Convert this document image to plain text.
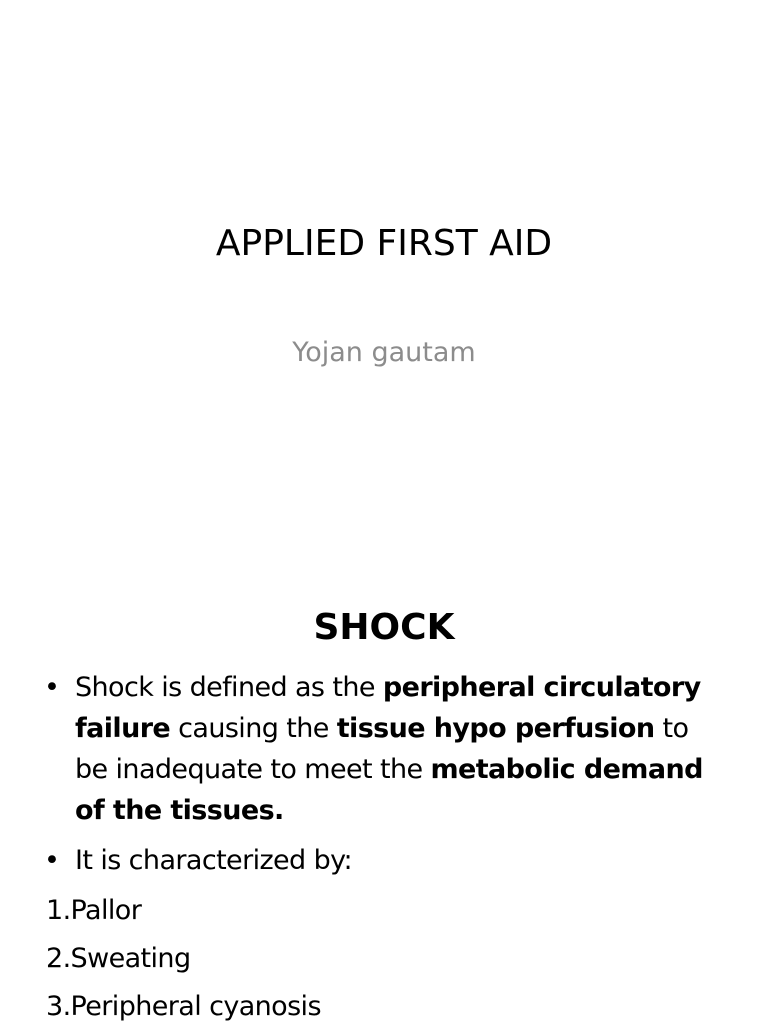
APPLIED FIRST AID

Yojan gautam

SHOCK
• Shock is defined as the peripheral circulatory failure causing the tissue hypo perfusion to be inadequate to meet the metabolic demand of the tissues.
• It is characterized by:
1.Pallor
2.Sweating
3.Peripheral cyanosis
